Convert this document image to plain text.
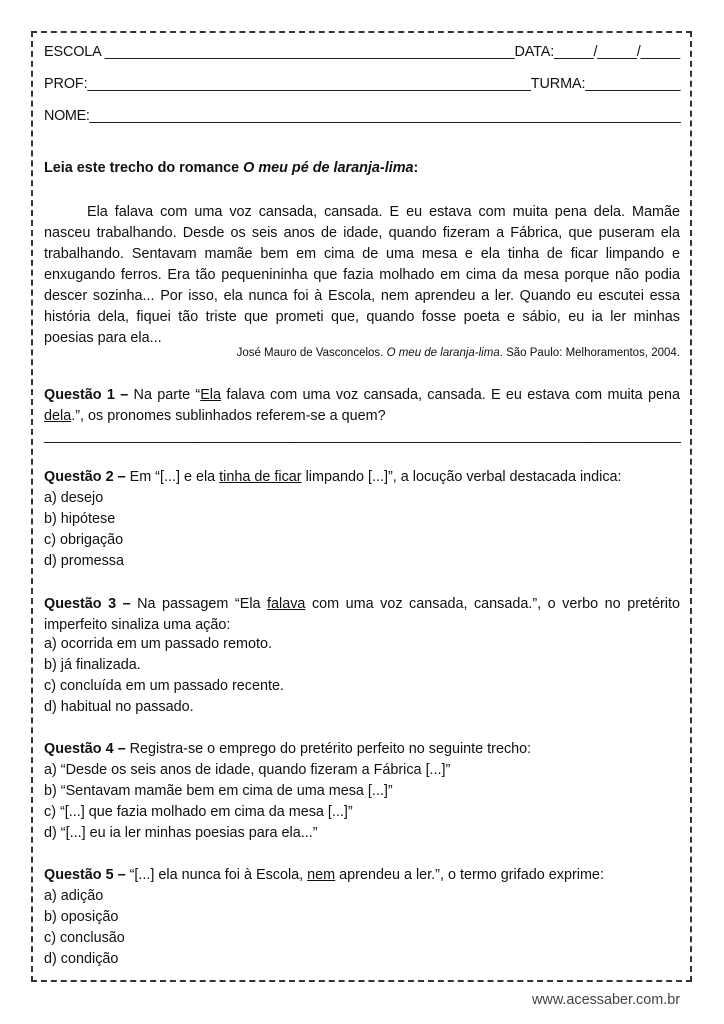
ESCOLA ____________________________________________________DATA:_____/_____/_____
PROF:________________________________________________________TURMA:____________
NOME:_____________________________________________________________________________
Leia este trecho do romance O meu pé de laranja-lima:
Ela falava com uma voz cansada, cansada. E eu estava com muita pena dela. Mamãe
nasceu trabalhando. Desde os seis anos de idade, quando fizeram a Fábrica, que puseram ela
trabalhando. Sentavam mamãe bem em cima de uma mesa e ela tinha de ficar limpando e
enxugando ferros. Era tão pequenininha que fazia molhado em cima da mesa porque não podia
descer sozinha... Por isso, ela nunca foi à Escola, nem aprendeu a ler. Quando eu escutei essa
história dela, fiquei tão triste que prometi que, quando fosse poeta e sábio, eu ia ler minhas
poesias para ela...
José Mauro de Vasconcelos. O meu de laranja-lima. São Paulo: Melhoramentos, 2004.
Questão 1 – Na parte “Ela falava com uma voz cansada, cansada. E eu estava com muita pena
dela.”, os pronomes sublinhados referem-se a quem?
______________________________________________________________________________________
Questão 2 – Em “[...] e ela tinha de ficar limpando [...]”, a locução verbal destacada indica:
a) desejo
b) hipótese
c) obrigação
d) promessa
Questão 3 – Na passagem “Ela falava com uma voz cansada, cansada.”, o verbo no pretérito
imperfeito sinaliza uma ação:
a) ocorrida em um passado remoto.
b) já finalizada.
c) concluída em um passado recente.
d) habitual no passado.
Questão 4 – Registra-se o emprego do pretérito perfeito no seguinte trecho:
a) “Desde os seis anos de idade, quando fizeram a Fábrica [...]”
b) “Sentavam mamãe bem em cima de uma mesa [...]”
c) “[...] que fazia molhado em cima da mesa [...]”
d) “[...] eu ia ler minhas poesias para ela...”
Questão 5 – “[...] ela nunca foi à Escola, nem aprendeu a ler.”, o termo grifado exprime:
a) adição
b) oposição
c) conclusão
d) condição
www.acessaber.com.br
